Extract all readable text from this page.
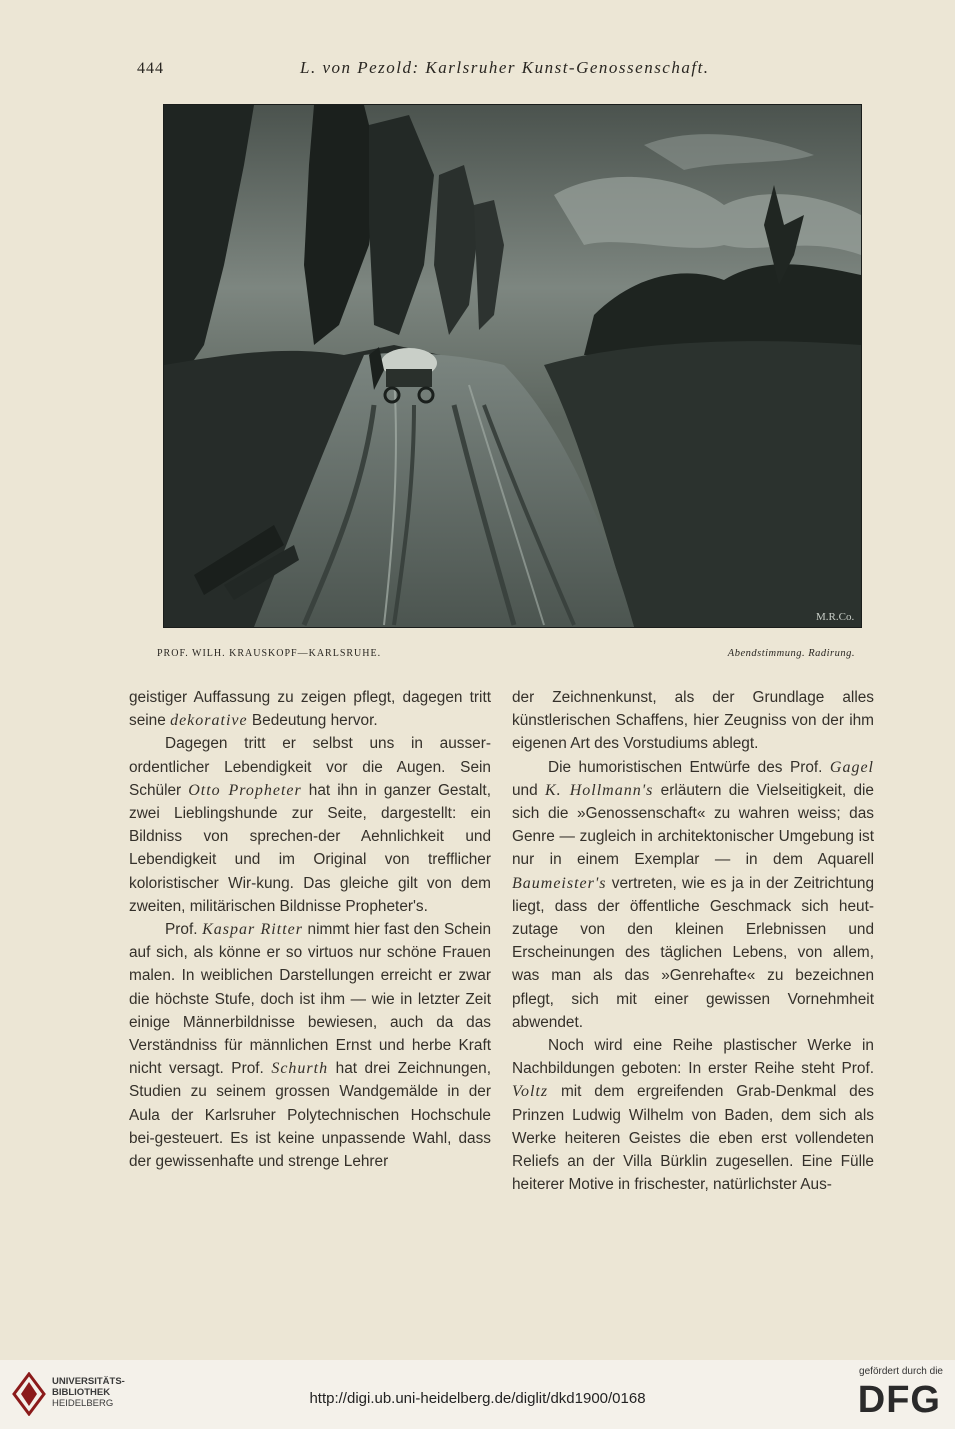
444	L. von Pezold: Karlsruher Kunst-Genossenschaft.
M.R.Co.
PROF. WILH. KRAUSKOPF—KARLSRUHE.	Abendstimmung. Radirung.

geistiger Auffassung zu zeigen pflegt, dagegen tritt seine dekorative Bedeutung hervor.

Dagegen tritt er selbst uns in ausser-ordentlicher Lebendigkeit vor die Augen. Sein Schüler Otto Propheter hat ihn in ganzer Gestalt, zwei Lieblingshunde zur Seite, dargestellt: ein Bildniss von sprechen-der Aehnlichkeit und Lebendigkeit und im Original von trefflicher koloristischer Wir-kung. Das gleiche gilt von dem zweiten, militärischen Bildnisse Propheter's.

Prof. Kaspar Ritter nimmt hier fast den Schein auf sich, als könne er so virtuos nur schöne Frauen malen. In weiblichen Darstellungen erreicht er zwar die höchste Stufe, doch ist ihm — wie in letzter Zeit einige Männerbildnisse bewiesen, auch da das Verständniss für männlichen Ernst und herbe Kraft nicht versagt. Prof. Schurth hat drei Zeichnungen, Studien zu seinem grossen Wandgemälde in der Aula der Karlsruher Polytechnischen Hochschule bei-gesteuert. Es ist keine unpassende Wahl, dass der gewissenhafte und strenge Lehrer

der Zeichnenkunst, als der Grundlage alles künstlerischen Schaffens, hier Zeugniss von der ihm eigenen Art des Vorstudiums ablegt.

Die humoristischen Entwürfe des Prof. Gagel und K. Hollmann's erläutern die Vielseitigkeit, die sich die »Genossenschaft« zu wahren weiss; das Genre — zugleich in architektonischer Umgebung ist nur in einem Exemplar — in dem Aquarell Baumeister's vertreten, wie es ja in der Zeitrichtung liegt, dass der öffentliche Geschmack sich heut-zutage von den kleinen Erlebnissen und Erscheinungen des täglichen Lebens, von allem, was man als das »Genrehafte« zu bezeichnen pflegt, sich mit einer gewissen Vornehmheit abwendet.

Noch wird eine Reihe plastischer Werke in Nachbildungen geboten: In erster Reihe steht Prof. Voltz mit dem ergreifenden Grab-Denkmal des Prinzen Ludwig Wilhelm von Baden, dem sich als Werke heiteren Geistes die eben erst vollendeten Reliefs an der Villa Bürklin zugesellen. Eine Fülle heiterer Motive in frischester, natürlichster Aus-

UNIVERSITÄTS-
BIBLIOTHEK
HEIDELBERG	http://digi.ub.uni-heidelberg.de/diglit/dkd1900/0168
gefördert durch die
DFG
